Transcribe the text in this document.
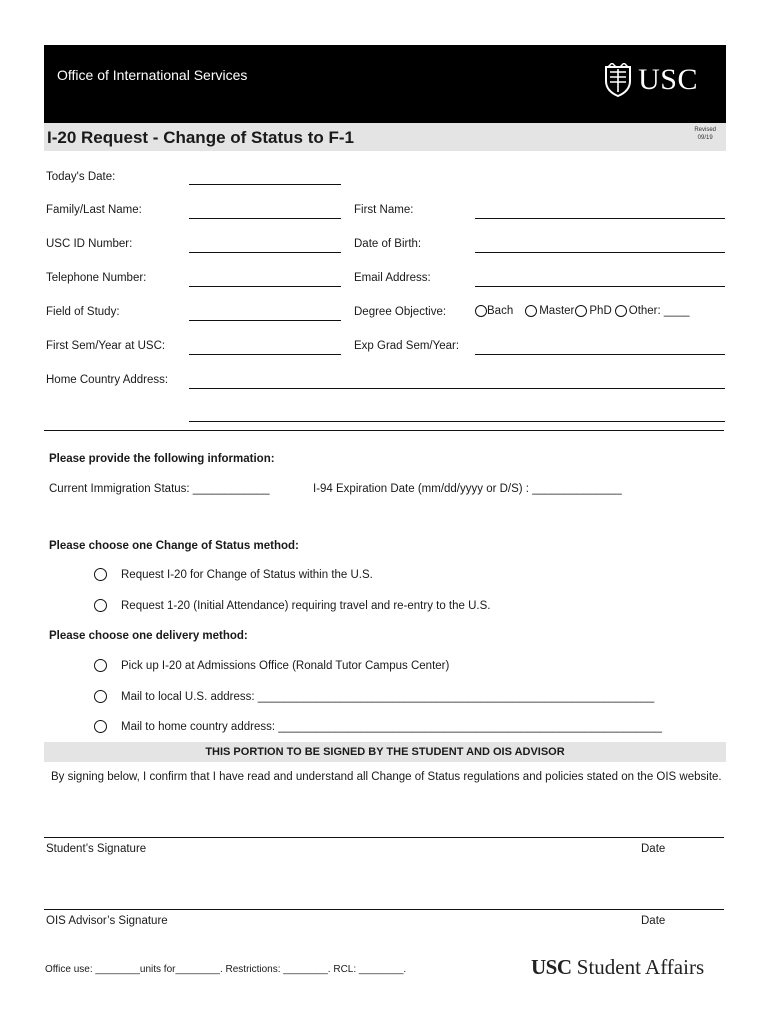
Office of International Services	USC
I-20 Request - Change of Status to F-1	Revised
09/19
Today's Date:
Family/Last Name:	First Name:
USC ID Number:	Date of Birth:
Telephone Number:	Email Address:
Field of Study:	Degree Objective:	Bach Master PhD Other: ____
First Sem/Year at USC:	Exp Grad Sem/Year:
Home Country Address:
Please provide the following information:
Current Immigration Status: ____________	I-94 Expiration Date (mm/dd/yyyy or D/S) : ______________
Please choose one Change of Status method:
Request I-20 for Change of Status within the U.S.
Request 1-20 (Initial Attendance) requiring travel and re-entry to the U.S.
Please choose one delivery method:
Pick up I-20 at Admissions Office (Ronald Tutor Campus Center)
Mail to local U.S. address: ______________________________________________________________
Mail to home country address: ____________________________________________________________
THIS PORTION TO BE SIGNED BY THE STUDENT AND OIS ADVISOR
By signing below, I confirm that I have read and understand all Change of Status regulations and policies stated on the OIS website.
Student’s Signature	Date
OIS Advisor’s Signature	Date
Office use: ________units for________. Restrictions: ________. RCL: ________.	USC Student Affairs
